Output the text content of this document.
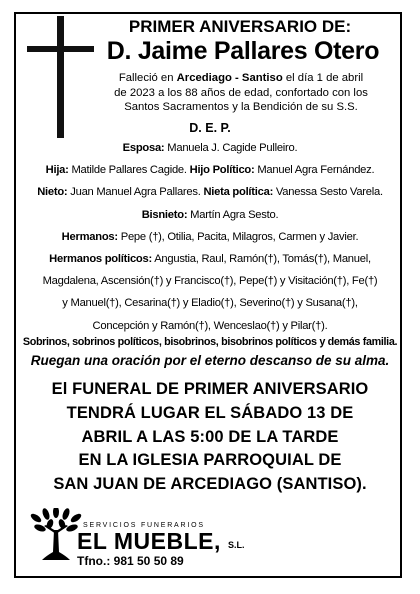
PRIMER ANIVERSARIO DE:
D. Jaime Pallares Otero
Falleció en Arcediago - Santiso el día 1 de abril
de 2023 a los 88 años de edad, confortado con los
Santos Sacramentos y la Bendición de su S.S.
D. E. P.
Esposa: Manuela J. Cagide Pulleiro.
Hija: Matilde Pallares Cagide. Hijo Político: Manuel Agra Fernández.
Nieto: Juan Manuel Agra Pallares. Nieta política: Vanessa Sesto Varela.
Bisnieto: Martín Agra Sesto.
Hermanos: Pepe (†), Otilia, Pacita, Milagros, Carmen y Javier.
Hermanos políticos: Angustia, Raul, Ramón(†), Tomás(†), Manuel,
Magdalena, Ascensión(†) y Francisco(†), Pepe(†) y Visitación(†), Fe(†)
y Manuel(†), Cesarina(†) y Eladio(†), Severino(†) y Susana(†),
Concepción y Ramón(†), Wenceslao(†) y Pilar(†).
Sobrinos, sobrinos políticos, bisobrinos, bisobrinos políticos y demás familia.
Ruegan una oración por el eterno descanso de su alma.
El FUNERAL DE PRIMER ANIVERSARIO
TENDRÁ LUGAR EL SÁBADO 13 DE
ABRIL A LAS 5:00 DE LA TARDE
EN LA IGLESIA PARROQUIAL DE
SAN JUAN DE ARCEDIAGO (SANTISO).
SERVICIOS FUNERARIOS
EL MUEBLE, S.L.
Tfno.: 981 50 50 89
